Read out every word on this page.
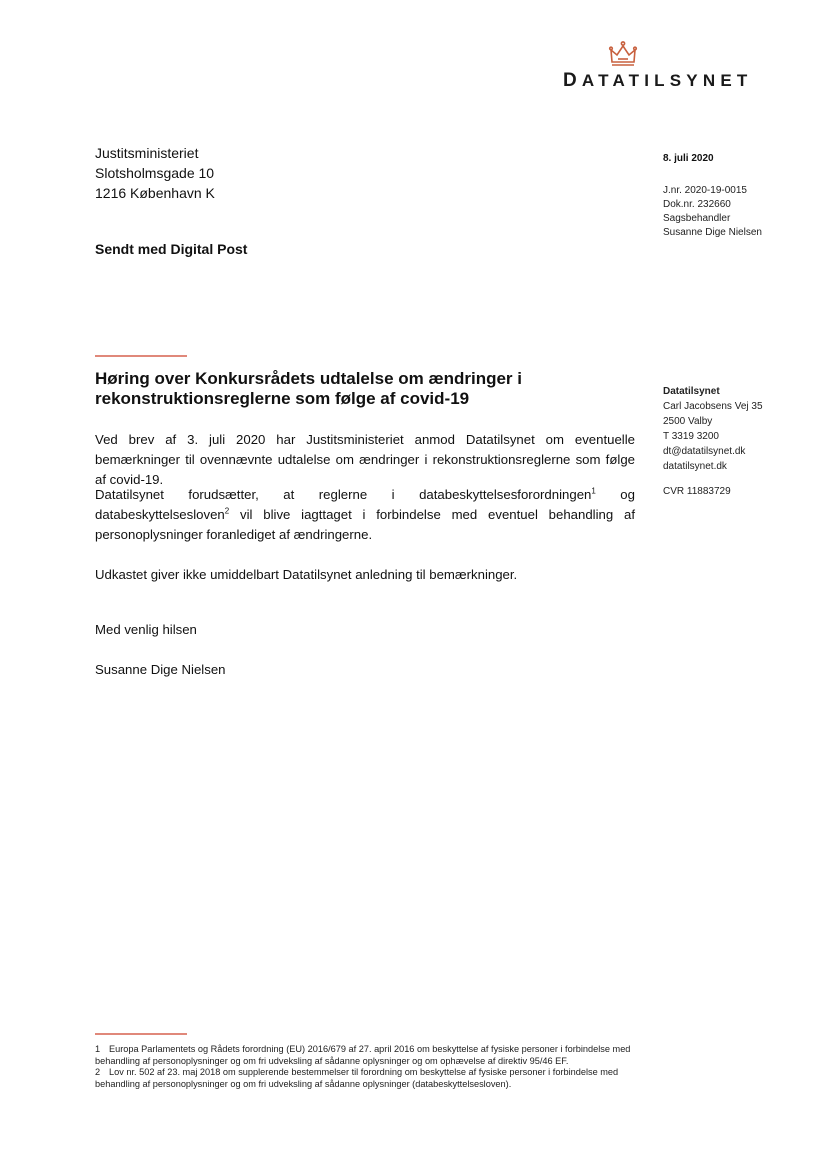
DATATILSYNET
Justitsministeriet
Slotsholmsgade 10
1216 København K
Sendt med Digital Post
8. juli 2020
J.nr. 2020-19-0015
Dok.nr. 232660
Sagsbehandler
Susanne Dige Nielsen
Datatilsynet
Carl Jacobsens Vej 35
2500 Valby
T 3319 3200
dt@datatilsynet.dk
datatilsynet.dk
CVR 11883729
Høring over Konkursrådets udtalelse om ændringer i rekonstruktionsreglerne som følge af covid-19
Ved brev af 3. juli 2020 har Justitsministeriet anmod Datatilsynet om eventuelle bemærkninger til ovennævnte udtalelse om ændringer i rekonstruktionsreglerne som følge af covid-19.
Datatilsynet forudsætter, at reglerne i databeskyttelsesforordningen$^1$ og databeskyttelsesloven$^2$ vil blive iagttaget i forbindelse med eventuel behandling af personoplysninger foranlediget af ændringerne.
Udkastet giver ikke umiddelbart Datatilsynet anledning til bemærkninger.
Med venlig hilsen
Susanne Dige Nielsen
1 Europa Parlamentets og Rådets forordning (EU) 2016/679 af 27. april 2016 om beskyttelse af fysiske personer i forbindelse med behandling af personoplysninger og om fri udveksling af sådanne oplysninger og om ophævelse af direktiv 95/46 EF.
2 Lov nr. 502 af 23. maj 2018 om supplerende bestemmelser til forordning om beskyttelse af fysiske personer i forbindelse med behandling af personoplysninger og om fri udveksling af sådanne oplysninger (databeskyttelsesloven).
